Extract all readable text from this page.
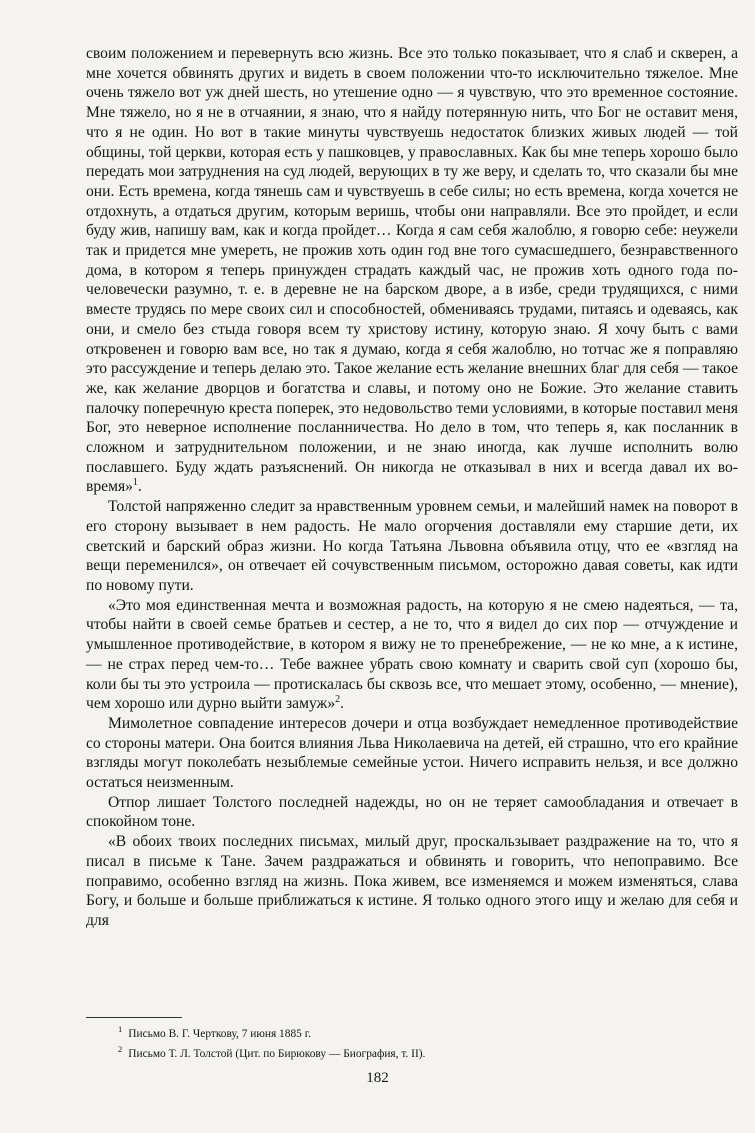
своим положением и перевернуть всю жизнь. Все это только показывает, что я слаб и скверен, а мне хочется обвинять других и видеть в своем положении что-то исключительно тяжелое. Мне очень тяжело вот уж дней шесть, но утешение одно — я чувствую, что это временное состояние. Мне тяжело, но я не в отчаянии, я знаю, что я найду потерянную нить, что Бог не оставит меня, что я не один. Но вот в такие минуты чувствуешь недостаток близких живых людей — той общины, той церкви, которая есть у пашковцев, у православных. Как бы мне теперь хорошо было передать мои затруднения на суд людей, верующих в ту же веру, и сделать то, что сказали бы мне они. Есть времена, когда тянешь сам и чувствуешь в себе силы; но есть времена, когда хочется не отдохнуть, а отдаться другим, которым веришь, чтобы они направляли. Все это пройдет, и если буду жив, напишу вам, как и когда пройдет… Когда я сам себя жалоблю, я говорю себе: неужели так и придется мне умереть, не прожив хоть один год вне того сумасшедшего, безнравственного дома, в котором я теперь принужден страдать каждый час, не прожив хоть одного года по-человечески разумно, т. е. в деревне не на барском дворе, а в избе, среди трудящихся, с ними вместе трудясь по мере своих сил и способностей, обмениваясь трудами, питаясь и одеваясь, как они, и смело без стыда говоря всем ту христову истину, которую знаю. Я хочу быть с вами откровенен и говорю вам все, но так я думаю, когда я себя жалоблю, но тотчас же я поправляю это рассуждение и теперь делаю это. Такое желание есть желание внешних благ для себя — такое же, как желание дворцов и богатства и славы, и потому оно не Божие. Это желание ставить палочку поперечную креста поперек, это недовольство теми условиями, в которые поставил меня Бог, это неверное исполнение посланничества. Но дело в том, что теперь я, как посланник в сложном и затруднительном положении, и не знаю иногда, как лучше исполнить волю пославшего. Буду ждать разъяснений. Он никогда не отказывал в них и всегда давал их во-время»$^1$.

Толстой напряженно следит за нравственным уровнем семьи, и малейший намек на поворот в его сторону вызывает в нем радость. Не мало огорчения доставляли ему старшие дети, их светский и барский образ жизни. Но когда Татьяна Львовна объявила отцу, что ее «взгляд на вещи переменился», он отвечает ей сочувственным письмом, осторожно давая советы, как идти по новому пути.

«Это моя единственная мечта и возможная радость, на которую я не смею надеяться, — та, чтобы найти в своей семье братьев и сестер, а не то, что я видел до сих пор — отчуждение и умышленное противодействие, в котором я вижу не то пренебрежение, — не ко мне, а к истине, — не страх перед чем-то… Тебе важнее убрать свою комнату и сварить свой суп (хорошо бы, коли бы ты это устроила — протискалась бы сквозь все, что мешает этому, особенно, — мнение), чем хорошо или дурно выйти замуж»$^2$.

Мимолетное совпадение интересов дочери и отца возбуждает немедленное противодействие со стороны матери. Она боится влияния Льва Николаевича на детей, ей страшно, что его крайние взгляды могут поколебать незыблемые семейные устои. Ничего исправить нельзя, и все должно остаться неизменным.

Отпор лишает Толстого последней надежды, но он не теряет самообладания и отвечает в спокойном тоне.

«В обоих твоих последних письмах, милый друг, проскальзывает раздражение на то, что я писал в письме к Тане. Зачем раздражаться и обвинять и говорить, что непоправимо. Все поправимо, особенно взгляд на жизнь. Пока живем, все изменяемся и можем изменяться, слава Богу, и больше и больше приближаться к истине. Я только одного этого ищу и желаю для себя и для

$^1$ Письмо В. Г. Черткову, 7 июня 1885 г.
$^2$ Письмо Т. Л. Толстой (Цит. по Бирюкову — Биография, т. II).
182
